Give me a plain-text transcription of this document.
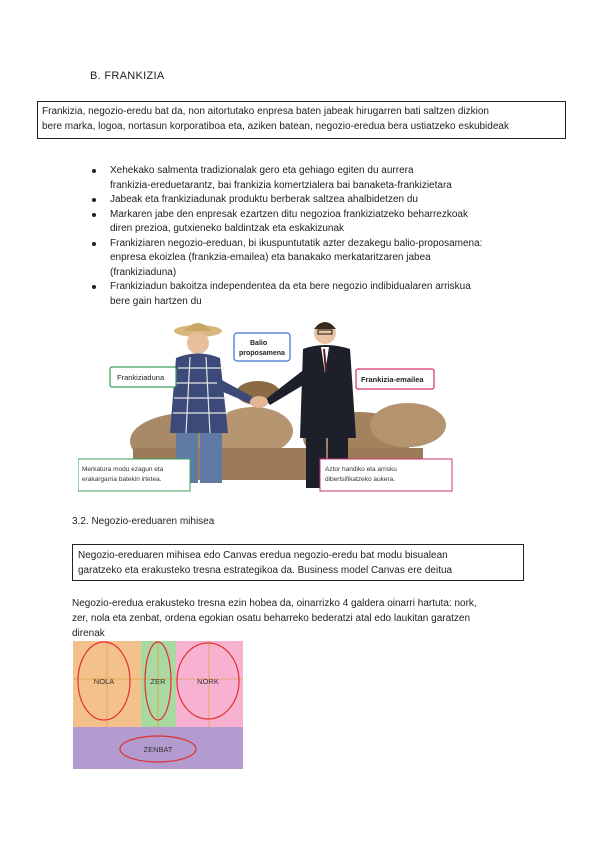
B. FRANKIZIA
Frankizia, negozio-eredu bat da, non aitortutako enpresa baten jabeak hirugarren bati saltzen dizkion
bere marka, logoa, nortasun korporatiboa eta, aziken batean, negozio-eredua bera ustiatzeko eskubideak
Xehekako salmenta tradizionalak gero eta gehiago egiten du aurrera
frankizia-ereduetarantz, bai frankizia komertzialera bai banaketa-frankizietara
Jabeak eta frankiziadunak produktu berberak saltzea ahalbidetzen du
Markaren jabe den enpresak ezartzen ditu negozioa frankiziatzeko beharrezkoak
diren prezioa, gutxieneko baldintzak eta eskakizunak
Frankiziaren negozio-ereduan, bi ikuspuntutatik azter dezakegu balio-proposamena:
enpresa ekoizlea (frankzia-emailea) eta banakako merkataritzaren jabea
(frankiziaduna)
Frankiziadun bakoitza independentea da eta bere negozio indibidualaren arriskua
bere gain hartzen du
Frankiziaduna
Balio
proposamena
Frankizia-emailea
Merkatura modu ezagun eta
erakargarria batekin irtetea.
Aztor handiko eta arrisku
dibertsifikatzeko aukera.
3.2. Negozio-ereduaren mihisea
Negozio-ereduaren mihisea edo Canvas eredua negozio-eredu bat modu bisualean
garatzeko eta erakusteko tresna estrategikoa da. Business model Canvas ere deitua
Negozio-eredua erakusteko tresna ezin hobea da, oinarrizko 4 galdera oinarri hartuta: nork,
zer, nola eta zenbat, ordena egokian osatu beharreko bederatzi atal edo laukitan garatzen
direnak
NOLA	ZER	NORK
ZENBAT
